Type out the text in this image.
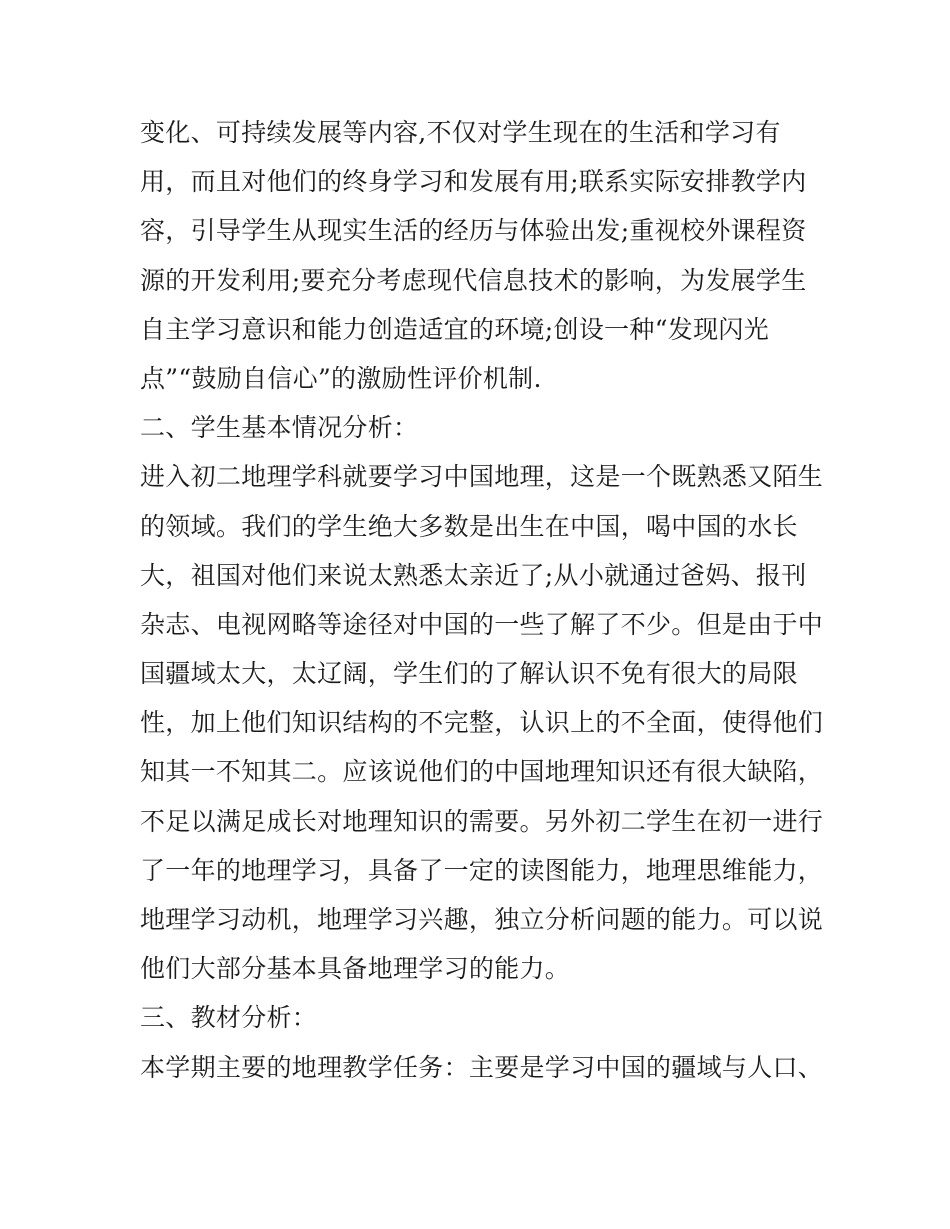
变化、可持续发展等内容,不仅对学生现在的生活和学习有
用，而且对他们的终身学习和发展有用;联系实际安排教学内
容，引导学生从现实生活的经历与体验出发;重视校外课程资
源的开发利用;要充分考虑现代信息技术的影响，为发展学生
自主学习意识和能力创造适宜的环境;创设一种“发现闪光
点”“鼓励自信心”的激励性评价机制.
二、学生基本情况分析：
进入初二地理学科就要学习中国地理，这是一个既熟悉又陌生
的领域。我们的学生绝大多数是出生在中国，喝中国的水长
大，祖国对他们来说太熟悉太亲近了;从小就通过爸妈、报刊
杂志、电视网略等途径对中国的一些了解了不少。但是由于中
国疆域太大，太辽阔，学生们的了解认识不免有很大的局限
性，加上他们知识结构的不完整，认识上的不全面，使得他们
知其一不知其二。应该说他们的中国地理知识还有很大缺陷，
不足以满足成长对地理知识的需要。另外初二学生在初一进行
了一年的地理学习，具备了一定的读图能力，地理思维能力，
地理学习动机，地理学习兴趣，独立分析问题的能力。可以说
他们大部分基本具备地理学习的能力。
三、教材分析：
本学期主要的地理教学任务：主要是学习中国的疆域与人口、
